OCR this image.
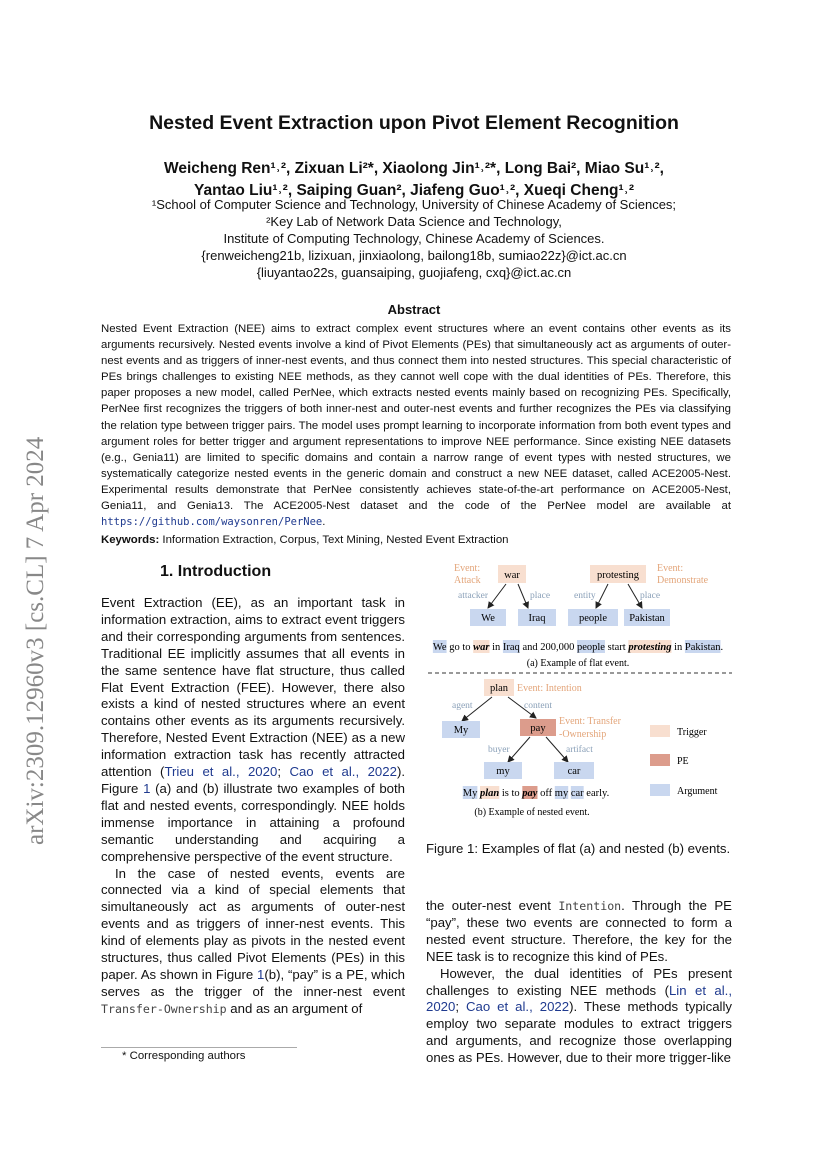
arXiv:2309.12960v3 [cs.CL] 7 Apr 2024
Nested Event Extraction upon Pivot Element Recognition
Weicheng Ren¹˒², Zixuan Li²*, Xiaolong Jin¹˒²*, Long Bai², Miao Su¹˒²,
Yantao Liu¹˒², Saiping Guan², Jiafeng Guo¹˒², Xueqi Cheng¹˒²
¹School of Computer Science and Technology, University of Chinese Academy of Sciences;
²Key Lab of Network Data Science and Technology,
Institute of Computing Technology, Chinese Academy of Sciences.
{renweicheng21b, lizixuan, jinxiaolong, bailong18b, sumiao22z}@ict.ac.cn
{liuyantao22s, guansaiping, guojiafeng, cxq}@ict.ac.cn
Abstract
Nested Event Extraction (NEE) aims to extract complex event structures where an event contains other events as its arguments recursively. Nested events involve a kind of Pivot Elements (PEs) that simultaneously act as arguments of outer-nest events and as triggers of inner-nest events, and thus connect them into nested structures. This special characteristic of PEs brings challenges to existing NEE methods, as they cannot well cope with the dual identities of PEs. Therefore, this paper proposes a new model, called PerNee, which extracts nested events mainly based on recognizing PEs. Specifically, PerNee first recognizes the triggers of both inner-nest and outer-nest events and further recognizes the PEs via classifying the relation type between trigger pairs. The model uses prompt learning to incorporate information from both event types and argument roles for better trigger and argument representations to improve NEE performance. Since existing NEE datasets (e.g., Genia11) are limited to specific domains and contain a narrow range of event types with nested structures, we systematically categorize nested events in the generic domain and construct a new NEE dataset, called ACE2005-Nest. Experimental results demonstrate that PerNee consistently achieves state-of-the-art performance on ACE2005-Nest, Genia11, and Genia13. The ACE2005-Nest dataset and the code of the PerNee model are available at https://github.com/waysonren/PerNee.
Keywords: Information Extraction, Corpus, Text Mining, Nested Event Extraction
1. Introduction

Event Extraction (EE), as an important task in information extraction, aims to extract event triggers and their corresponding arguments from sentences. Traditional EE implicitly assumes that all events in the same sentence have flat structure, thus called Flat Event Extraction (FEE). However, there also exists a kind of nested structures where an event contains other events as its arguments recursively. Therefore, Nested Event Extraction (NEE) as a new information extraction task has recently attracted attention (Trieu et al., 2020; Cao et al., 2022). Figure 1 (a) and (b) illustrate two examples of both flat and nested events, correspondingly. NEE holds immense importance in attaining a profound semantic understanding and acquiring a comprehensive perspective of the event structure.

In the case of nested events, events are connected via a kind of special elements that simultaneously act as arguments of outer-nest events and as triggers of inner-nest events. This kind of elements play as pivots in the nested event structures, thus called Pivot Elements (PEs) in this paper. As shown in Figure 1(b), “pay” is a PE, which serves as the trigger of the inner-nest event Transfer-Ownership and as an argument of

* Corresponding authors
Event:
Attack war
attacker	place
We	Iraq
protesting
Event:
Demonstrate
entity	place
people Pakistan
We go to war in Iraq and 200,000 people start protesting in Pakistan.
(a) Example of flat event.
plan Event: Intention
agent	content
My	pay
Event: Transfer
-Ownership
buyer	artifact
my	car
My plan is to pay off my car early.
(b) Example of nested event.
Trigger
PE
Argument
Figure 1: Examples of flat (a) and nested (b) events.

the outer-nest event Intention. Through the PE “pay”, these two events are connected to form a nested event structure. Therefore, the key for the NEE task is to recognize this kind of PEs.

However, the dual identities of PEs present challenges to existing NEE methods (Lin et al., 2020; Cao et al., 2022). These methods typically employ two separate modules to extract triggers and arguments, and recognize those overlapping ones as PEs. However, due to their more trigger-like
